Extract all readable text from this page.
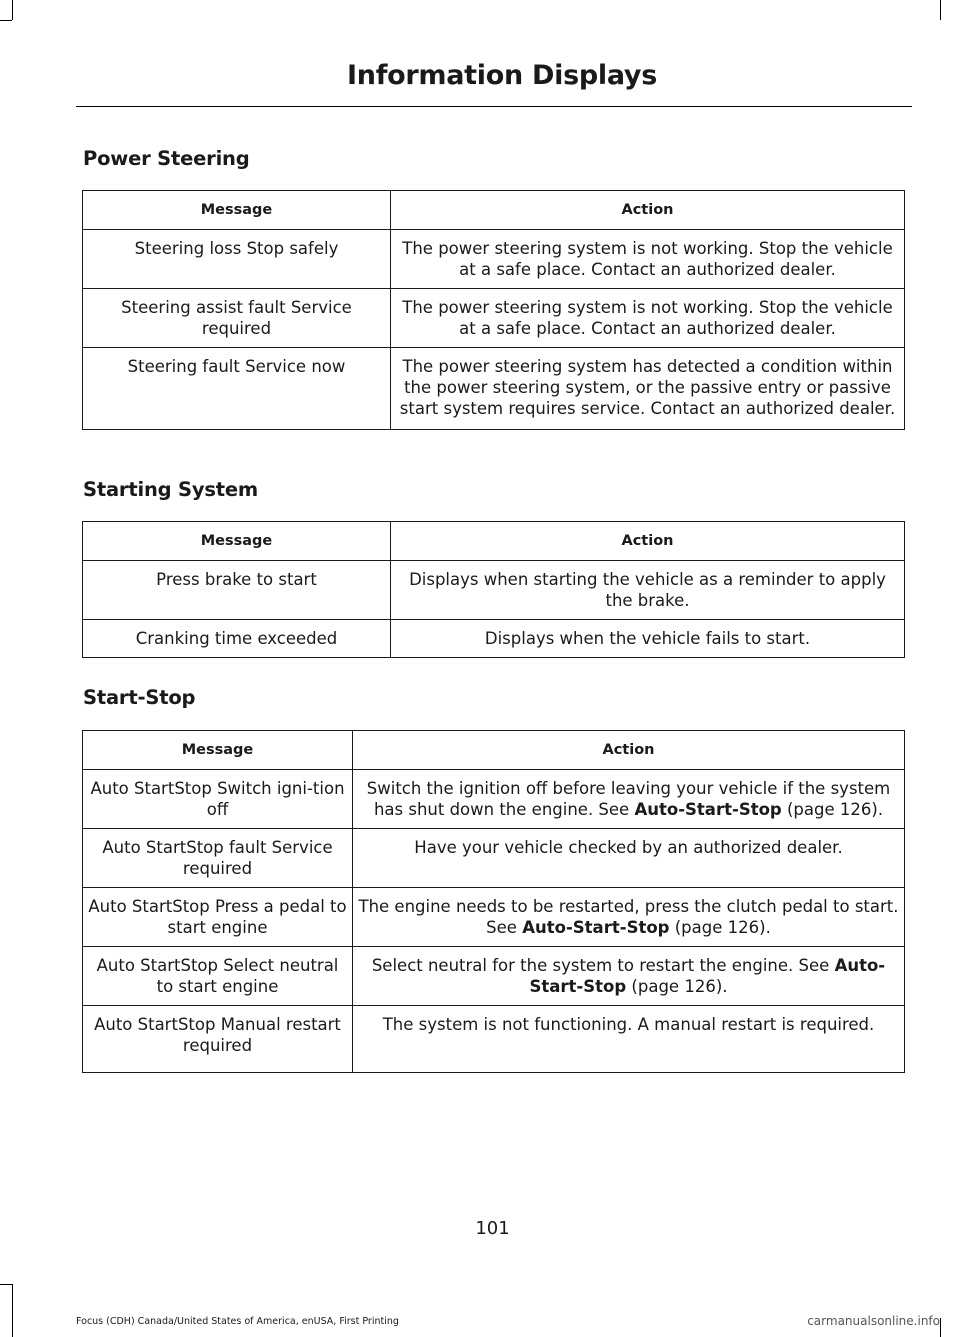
Information Displays
Power Steering
Message	Action
Steering loss Stop safely	The power steering system is not working. Stop the vehicle at a safe place. Contact an authorized dealer.
Steering assist fault Service required	The power steering system is not working. Stop the vehicle at a safe place. Contact an authorized dealer.
Steering fault Service now	The power steering system has detected a condition within the power steering system, or the passive entry or passive start system requires service. Contact an authorized dealer.
Starting System
Message	Action
Press brake to start	Displays when starting the vehicle as a reminder to apply the brake.
Cranking time exceeded	Displays when the vehicle fails to start.
Start-Stop
Message	Action
Auto StartStop Switch igni-tion off	Switch the ignition off before leaving your vehicle if the system has shut down the engine. See Auto-Start-Stop (page 126).
Auto StartStop fault Service required	Have your vehicle checked by an authorized dealer.
Auto StartStop Press a pedal to start engine	The engine needs to be restarted, press the clutch pedal to start. See Auto-Start-Stop (page 126).
Auto StartStop Select neutral to start engine	Select neutral for the system to restart the engine. See Auto-Start-Stop (page 126).
Auto StartStop Manual restart required	The system is not functioning. A manual restart is required.
101
Focus (CDH) Canada/United States of America, enUSA, First Printing	carmanualsonline.info
